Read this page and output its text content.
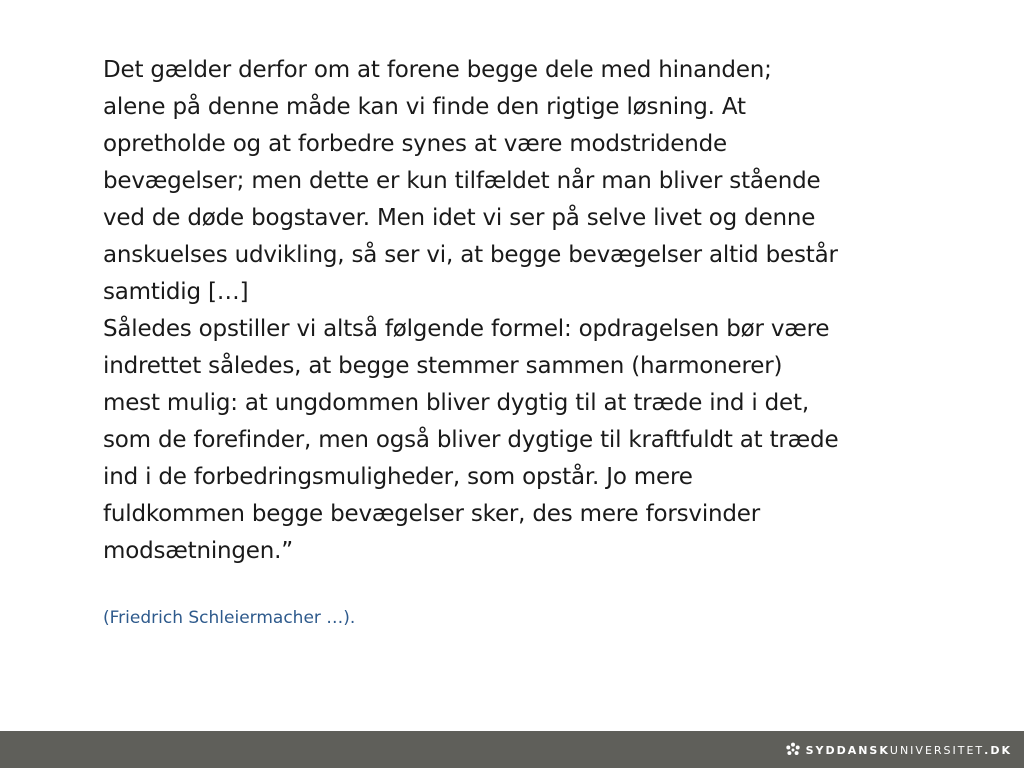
Det gælder derfor om at forene begge dele med hinanden;
alene på denne måde kan vi finde den rigtige løsning. At
opretholde og at forbedre synes at være modstridende
bevægelser; men dette er kun tilfældet når man bliver stående
ved de døde bogstaver. Men idet vi ser på selve livet og denne
anskuelses udvikling, så ser vi, at begge bevægelser altid består
samtidig […]
Således opstiller vi altså følgende formel: opdragelsen bør være
indrettet således, at begge stemmer sammen (harmonerer)
mest mulig: at ungdommen bliver dygtig til at træde ind i det,
som de forefinder, men også bliver dygtige til kraftfuldt at træde
ind i de forbedringsmuligheder, som opstår. Jo mere
fuldkommen begge bevægelser sker, des mere forsvinder
modsætningen.”
(Friedrich Schleiermacher …).
SYDDANSKUNIVERSITET.DK
